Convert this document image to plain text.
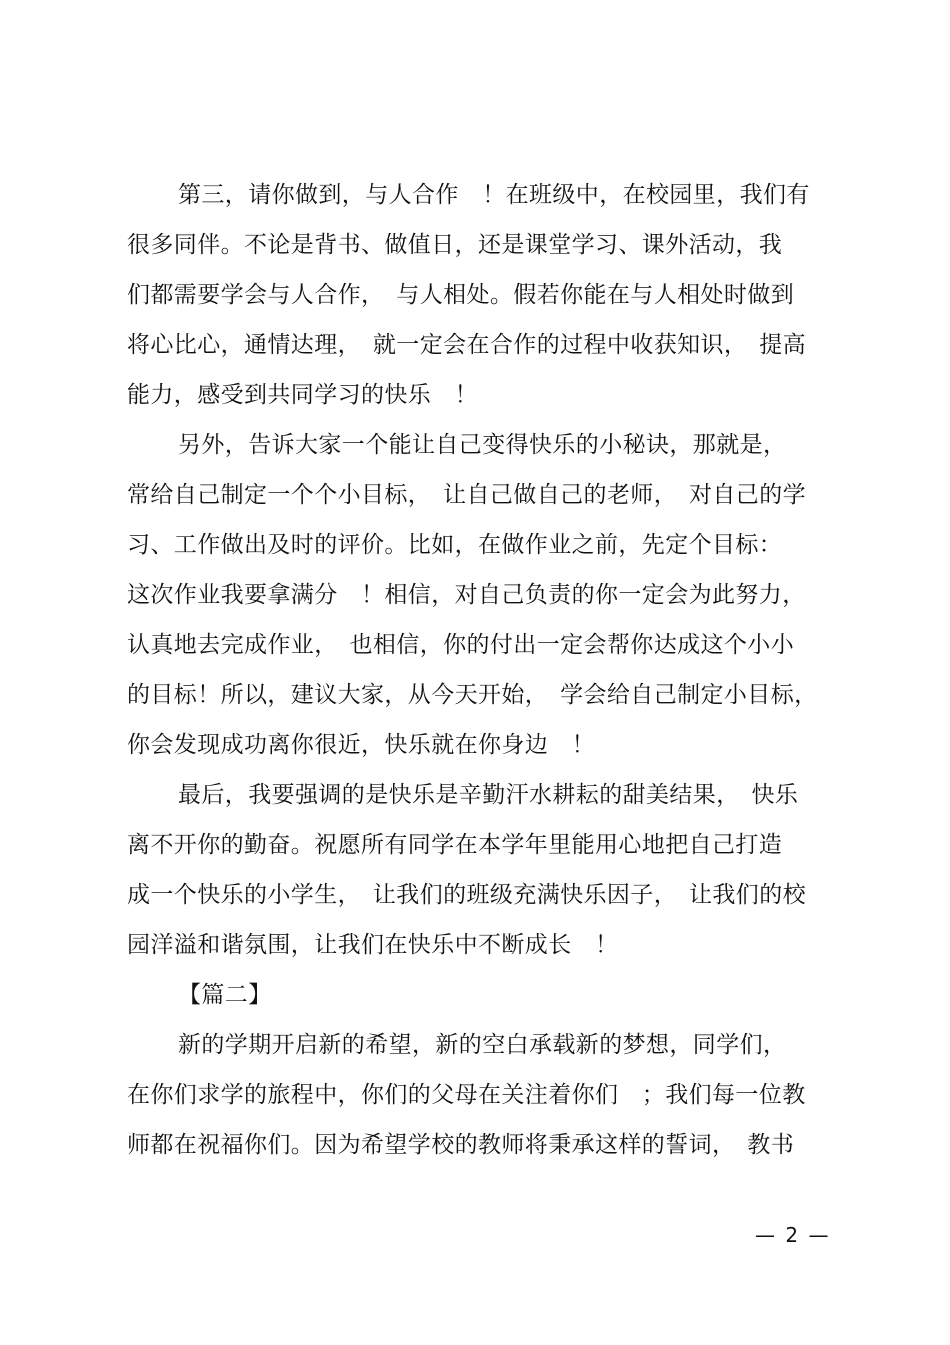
第三，请你做到，与人合作　！在班级中，在校园里，我们有
很多同伴。不论是背书、做值日，还是课堂学习、课外活动，我
们都需要学会与人合作，　与人相处。假若你能在与人相处时做到
将心比心，通情达理，　就一定会在合作的过程中收获知识，　提高
能力，感受到共同学习的快乐　！
另外，告诉大家一个能让自己变得快乐的小秘诀，那就是，
常给自己制定一个个小目标，　让自己做自己的老师，　对自己的学
习、工作做出及时的评价。比如，在做作业之前，先定个目标：
这次作业我要拿满分　！相信，对自己负责的你一定会为此努力，
认真地去完成作业，　也相信，你的付出一定会帮你达成这个小小
的目标！所以，建议大家，从今天开始，　学会给自己制定小目标，
你会发现成功离你很近，快乐就在你身边　！
最后，我要强调的是快乐是辛勤汗水耕耘的甜美结果，　快乐
离不开你的勤奋。祝愿所有同学在本学年里能用心地把自己打造
成一个快乐的小学生，　让我们的班级充满快乐因子，　让我们的校
园洋溢和谐氛围，让我们在快乐中不断成长　！
【篇二】
新的学期开启新的希望，新的空白承载新的梦想，同学们，
在你们求学的旅程中，你们的父母在关注着你们　；我们每一位教
师都在祝福你们。因为希望学校的教师将秉承这样的誓词，　教书
— 2 —
